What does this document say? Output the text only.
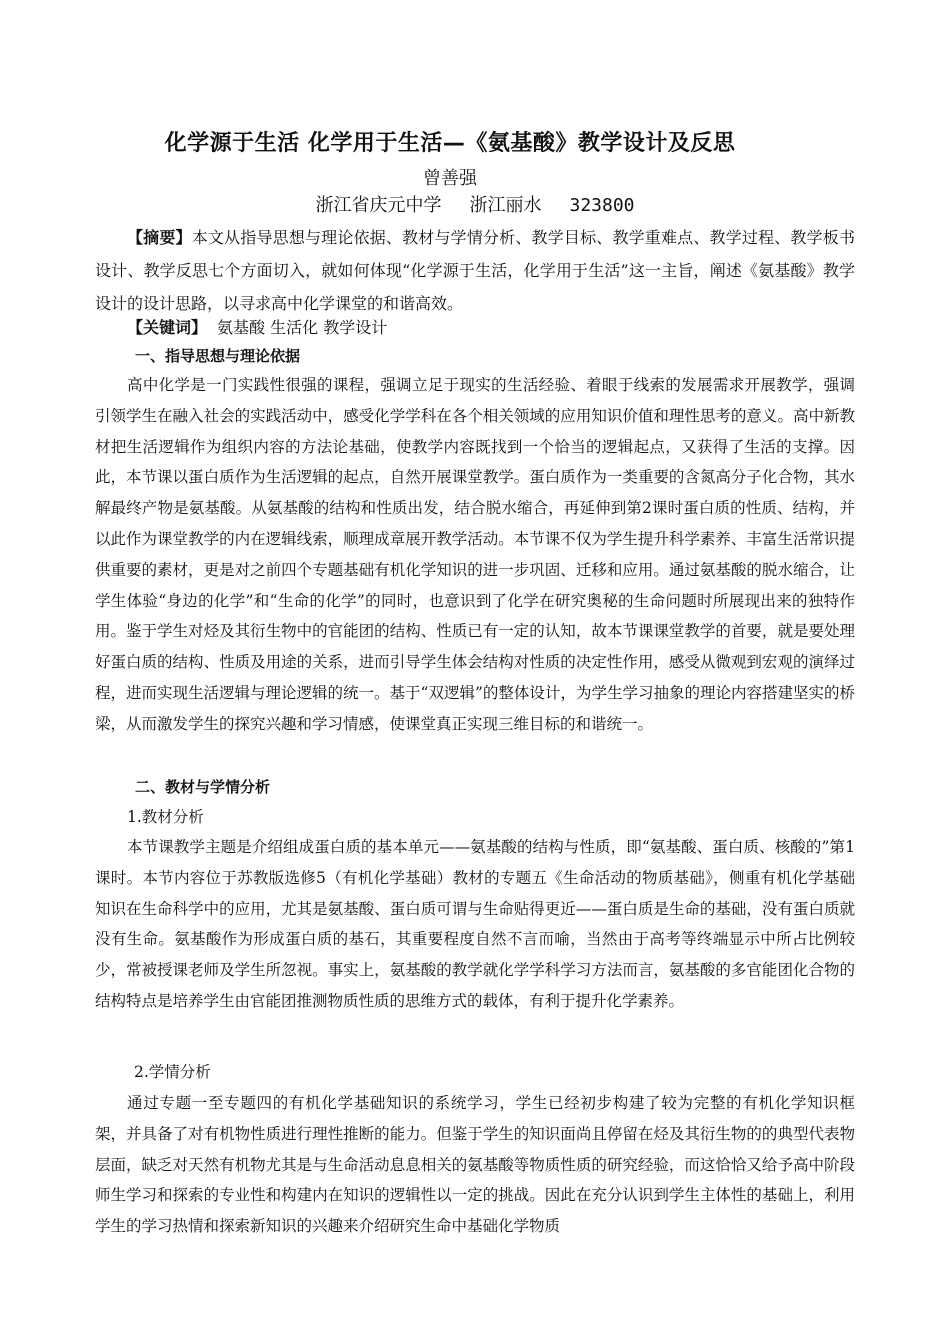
化学源于生活 化学用于生活—《氨基酸》教学设计及反思
曾善强
浙江省庆元中学 浙江丽水 323800

【摘要】本文从指导思想与理论依据、教材与学情分析、教学目标、教学重难点、教学过程、教学板书设计、教学反思七个方面切入，就如何体现“化学源于生活，化学用于生活”这一主旨，阐述《氨基酸》教学设计的设计思路，以寻求高中化学课堂的和谐高效。

【关键词】 氨基酸 生活化 教学设计
一、指导思想与理论依据

高中化学是一门实践性很强的课程，强调立足于现实的生活经验、着眼于线索的发展需求开展教学，强调引领学生在融入社会的实践活动中，感受化学学科在各个相关领域的应用知识价值和理性思考的意义。高中新教材把生活逻辑作为组织内容的方法论基础，使教学内容既找到一个恰当的逻辑起点，又获得了生活的支撑。因此，本节课以蛋白质作为生活逻辑的起点，自然开展课堂教学。蛋白质作为一类重要的含氮高分子化合物，其水解最终产物是氨基酸。从氨基酸的结构和性质出发，结合脱水缩合，再延伸到第2课时蛋白质的性质、结构，并以此作为课堂教学的内在逻辑线索，顺理成章展开教学活动。本节课不仅为学生提升科学素养、丰富生活常识提供重要的素材，更是对之前四个专题基础有机化学知识的进一步巩固、迁移和应用。通过氨基酸的脱水缩合，让学生体验“身边的化学”和“生命的化学”的同时，也意识到了化学在研究奥秘的生命问题时所展现出来的独特作用。鉴于学生对烃及其衍生物中的官能团的结构、性质已有一定的认知，故本节课课堂教学的首要，就是要处理好蛋白质的结构、性质及用途的关系，进而引导学生体会结构对性质的决定性作用，感受从微观到宏观的演绎过程，进而实现生活逻辑与理论逻辑的统一。基于“双逻辑”的整体设计，为学生学习抽象的理论内容搭建坚实的桥梁，从而激发学生的探究兴趣和学习情感，使课堂真正实现三维目标的和谐统一。

二、教材与学情分析
1.教材分析

本节课教学主题是介绍组成蛋白质的基本单元——氨基酸的结构与性质，即“氨基酸、蛋白质、核酸的”第1课时。本节内容位于苏教版选修5（有机化学基础）教材的专题五《生命活动的物质基础》，侧重有机化学基础知识在生命科学中的应用，尤其是氨基酸、蛋白质可谓与生命贴得更近——蛋白质是生命的基础，没有蛋白质就没有生命。氨基酸作为形成蛋白质的基石，其重要程度自然不言而喻，当然由于高考等终端显示中所占比例较少，常被授课老师及学生所忽视。事实上，氨基酸的教学就化学学科学习方法而言，氨基酸的多官能团化合物的结构特点是培养学生由官能团推测物质性质的思维方式的载体，有利于提升化学素养。

2.学情分析

通过专题一至专题四的有机化学基础知识的系统学习，学生已经初步构建了较为完整的有机化学知识框架，并具备了对有机物性质进行理性推断的能力。但鉴于学生的知识面尚且停留在烃及其衍生物的的典型代表物层面，缺乏对天然有机物尤其是与生命活动息息相关的氨基酸等物质性质的研究经验，而这恰恰又给予高中阶段师生学习和探索的专业性和构建内在知识的逻辑性以一定的挑战。因此在充分认识到学生主体性的基础上，利用学生的学习热情和探索新知识的兴趣来介绍研究生命中基础化学物质
